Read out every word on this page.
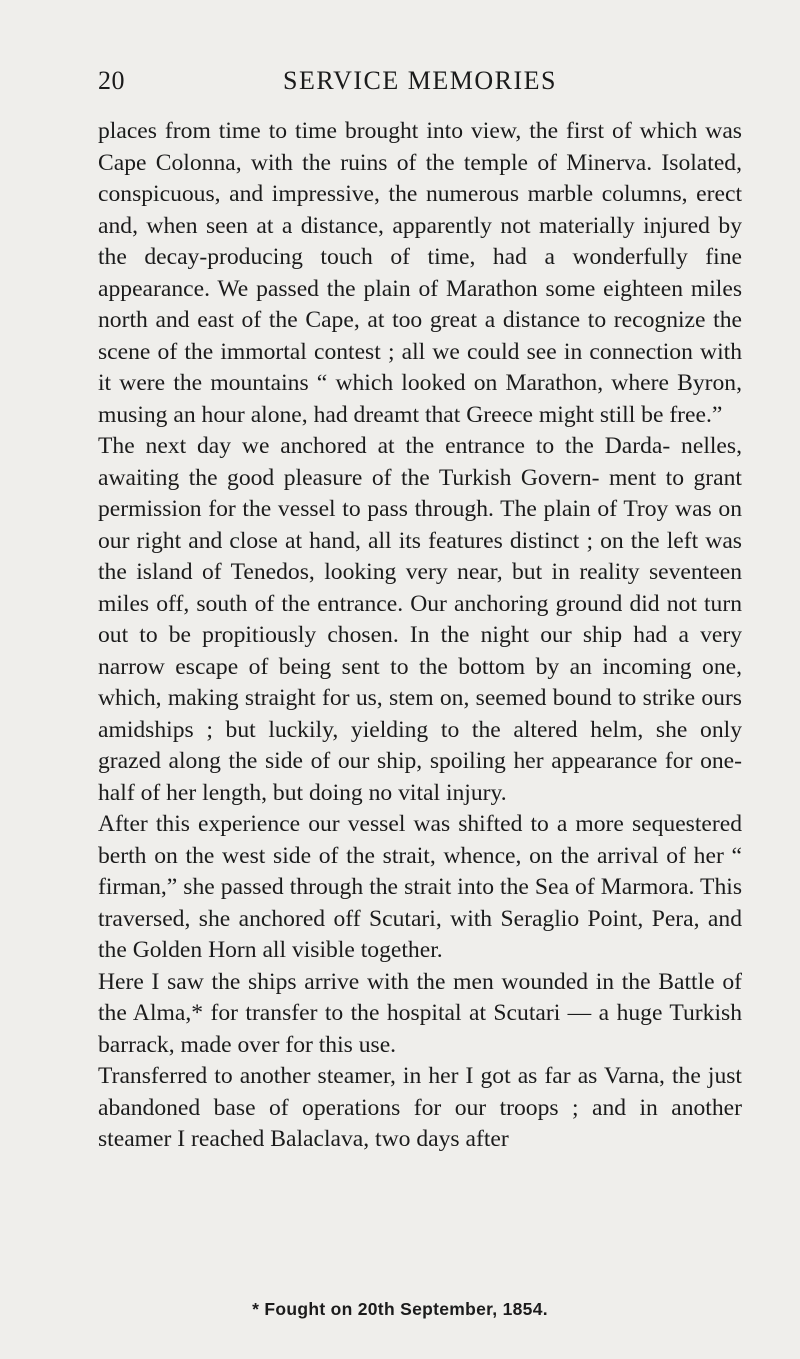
20	SERVICE MEMORIES

places from time to time brought into view, the first of which was Cape Colonna, with the ruins of the temple of Minerva. Isolated, conspicuous, and impressive, the numerous marble columns, erect and, when seen at a distance, apparently not materially injured by the decay-producing touch of time, had a wonderfully fine appearance. We passed the plain of Marathon some eighteen miles north and east of the Cape, at too great a distance to recognize the scene of the immortal contest ; all we could see in connection with it were the mountains “ which looked on Marathon, where Byron, musing an hour alone, had dreamt that Greece might still be free.”

The next day we anchored at the entrance to the Darda- nelles, awaiting the good pleasure of the Turkish Govern- ment to grant permission for the vessel to pass through. The plain of Troy was on our right and close at hand, all its features distinct ; on the left was the island of Tenedos, looking very near, but in reality seventeen miles off, south of the entrance. Our anchoring ground did not turn out to be propitiously chosen. In the night our ship had a very narrow escape of being sent to the bottom by an incoming one, which, making straight for us, stem on, seemed bound to strike ours amidships ; but luckily, yielding to the altered helm, she only grazed along the side of our ship, spoiling her appearance for one-half of her length, but doing no vital injury.

After this experience our vessel was shifted to a more sequestered berth on the west side of the strait, whence, on the arrival of her “ firman,” she passed through the strait into the Sea of Marmora. This traversed, she anchored off Scutari, with Seraglio Point, Pera, and the Golden Horn all visible together.

Here I saw the ships arrive with the men wounded in the Battle of the Alma,* for transfer to the hospital at Scutari — a huge Turkish barrack, made over for this use.

Transferred to another steamer, in her I got as far as Varna, the just abandoned base of operations for our troops ; and in another steamer I reached Balaclava, two days after

* Fought on 20th September, 1854.
